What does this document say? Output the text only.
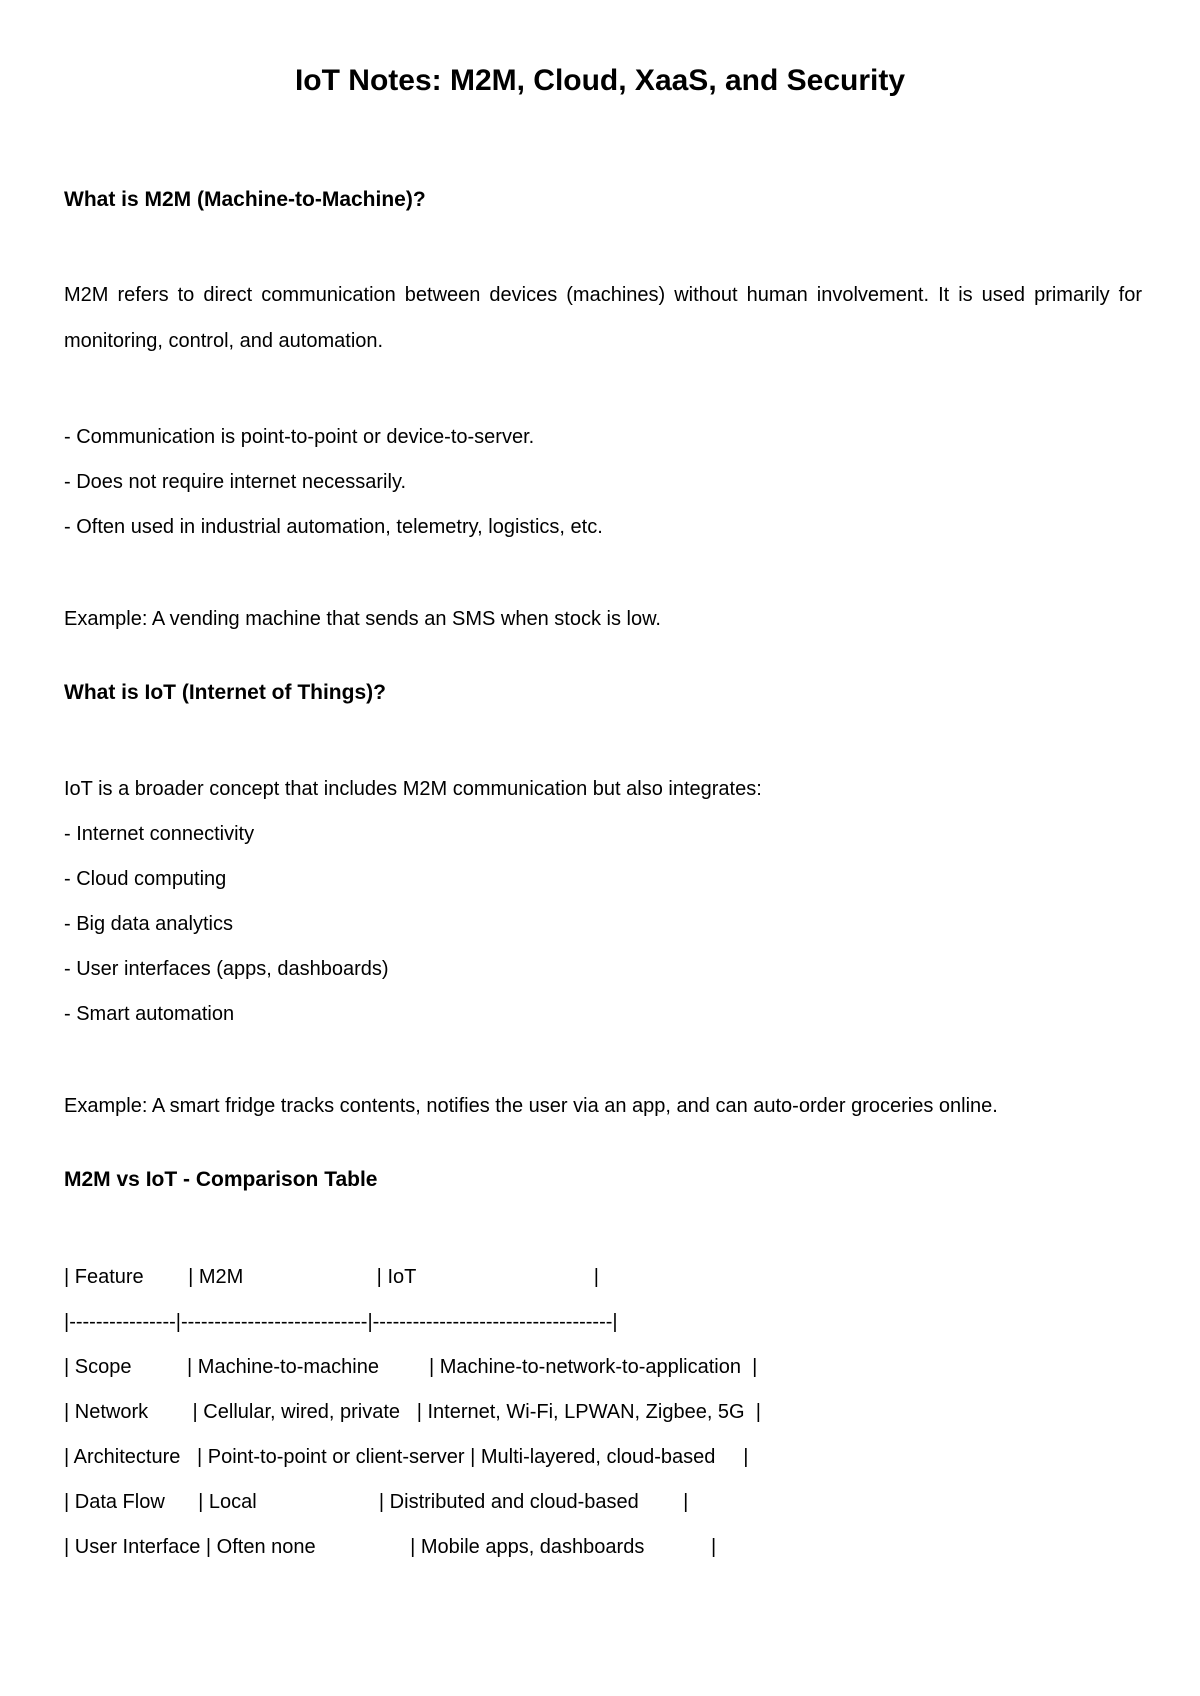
IoT Notes: M2M, Cloud, XaaS, and Security
What is M2M (Machine-to-Machine)?

M2M refers to direct communication between devices (machines) without human involvement. It is used primarily for monitoring, control, and automation.

- Communication is point-to-point or device-to-server.

- Does not require internet necessarily.

- Often used in industrial automation, telemetry, logistics, etc.

Example: A vending machine that sends an SMS when stock is low.

What is IoT (Internet of Things)?

IoT is a broader concept that includes M2M communication but also integrates:

- Internet connectivity

- Cloud computing

- Big data analytics

- User interfaces (apps, dashboards)

- Smart automation

Example: A smart fridge tracks contents, notifies the user via an app, and can auto-order groceries online.

M2M vs IoT - Comparison Table

| Feature        | M2M                        | IoT                                |

|----------------|----------------------------|------------------------------------|

| Scope          | Machine-to-machine         | Machine-to-network-to-application  |

| Network        | Cellular, wired, private   | Internet, Wi-Fi, LPWAN, Zigbee, 5G  |

| Architecture   | Point-to-point or client-server | Multi-layered, cloud-based     |

| Data Flow      | Local                      | Distributed and cloud-based        |

| User Interface | Often none                 | Mobile apps, dashboards            |
